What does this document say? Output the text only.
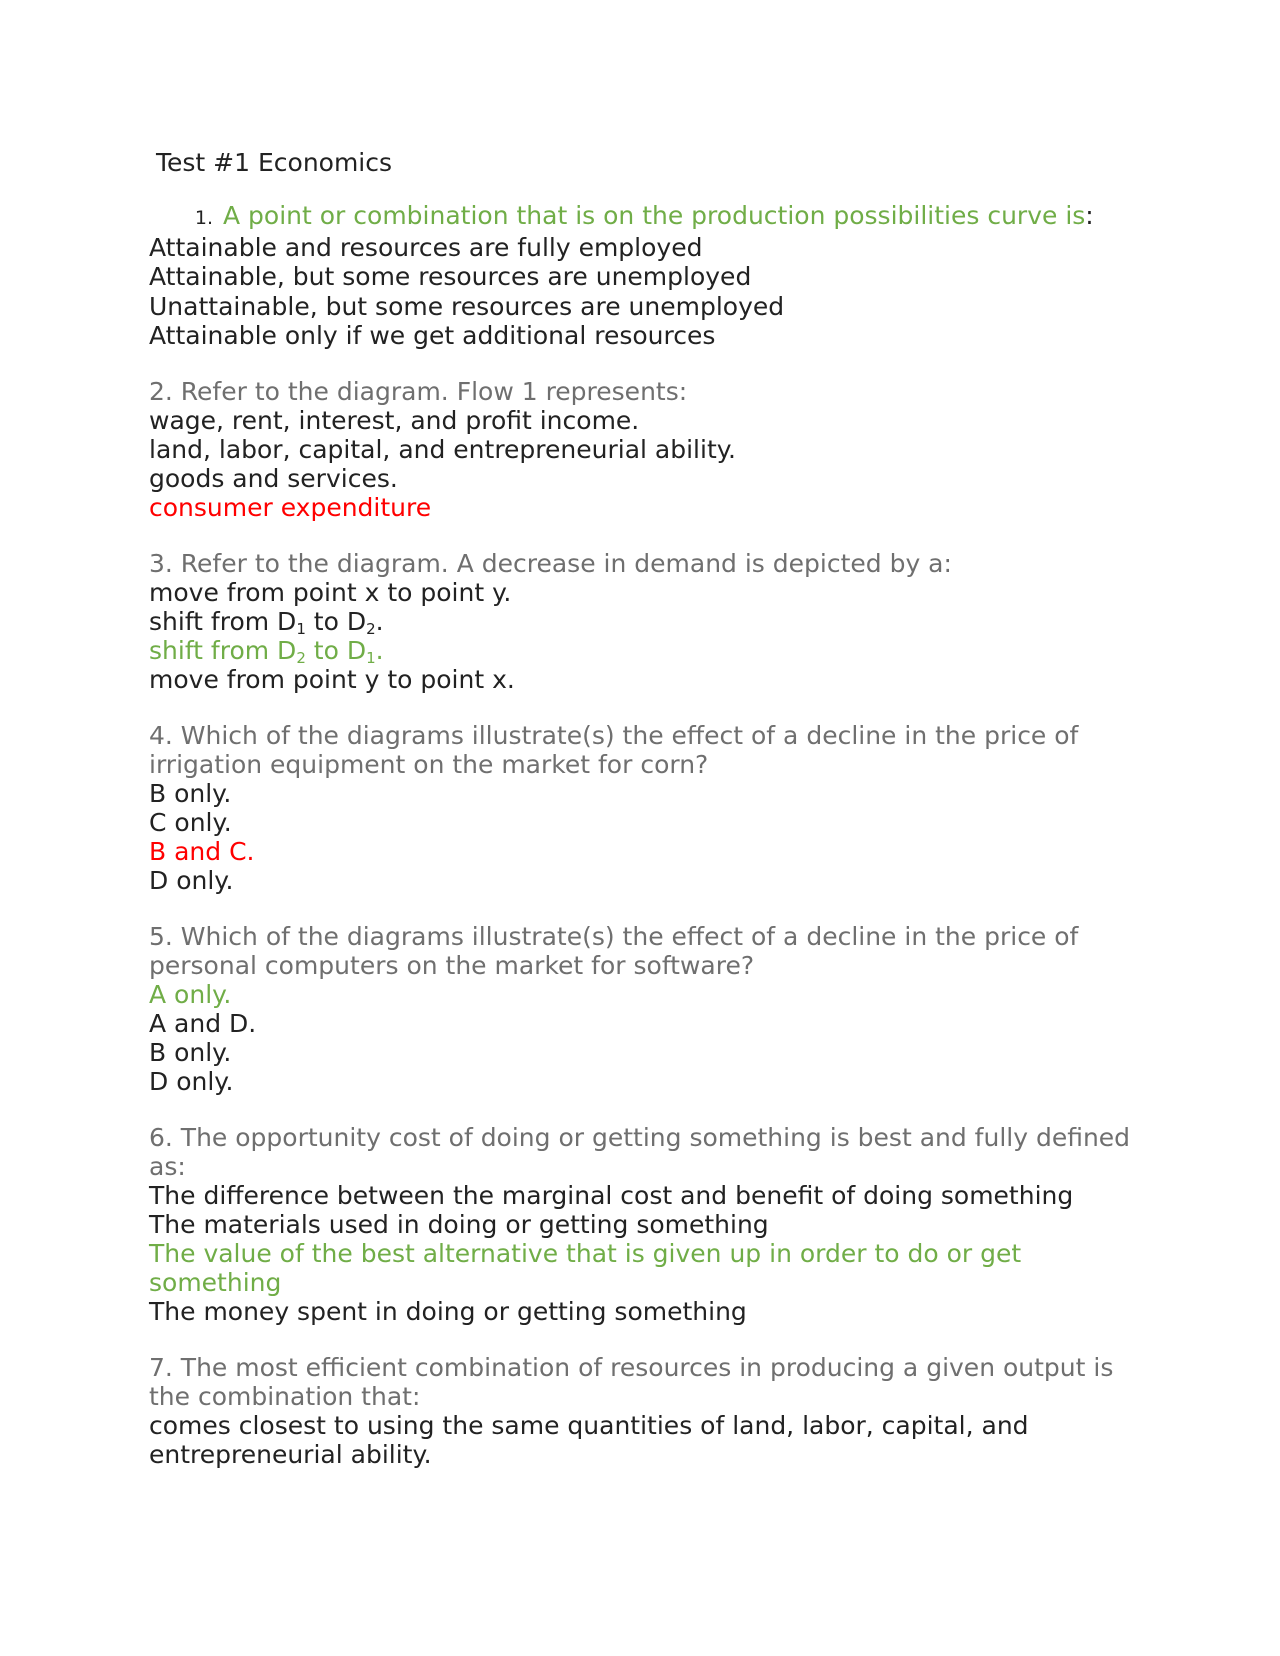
Test #1 Economics
1. A point or combination that is on the production possibilities curve is:
Attainable and resources are fully employed
Attainable, but some resources are unemployed
Unattainable, but some resources are unemployed
Attainable only if we get additional resources
2. Refer to the diagram. Flow 1 represents:
wage, rent, interest, and profit income.
land, labor, capital, and entrepreneurial ability.
goods and services.
consumer expenditure
3. Refer to the diagram. A decrease in demand is depicted by a:
move from point x to point y.
shift from $D_1$ to $D_2$.
shift from $D_2$ to $D_1$.
move from point y to point x.
4. Which of the diagrams illustrate(s) the effect of a decline in the price of irrigation equipment on the market for corn?
B only.
C only.
B and C.
D only.
5. Which of the diagrams illustrate(s) the effect of a decline in the price of personal computers on the market for software?
A only.
A and D.
B only.
D only.
6. The opportunity cost of doing or getting something is best and fully defined as:
The difference between the marginal cost and benefit of doing something
The materials used in doing or getting something
The value of the best alternative that is given up in order to do or get something
The money spent in doing or getting something
7. The most efficient combination of resources in producing a given output is the combination that:
comes closest to using the same quantities of land, labor, capital, and entrepreneurial ability.
